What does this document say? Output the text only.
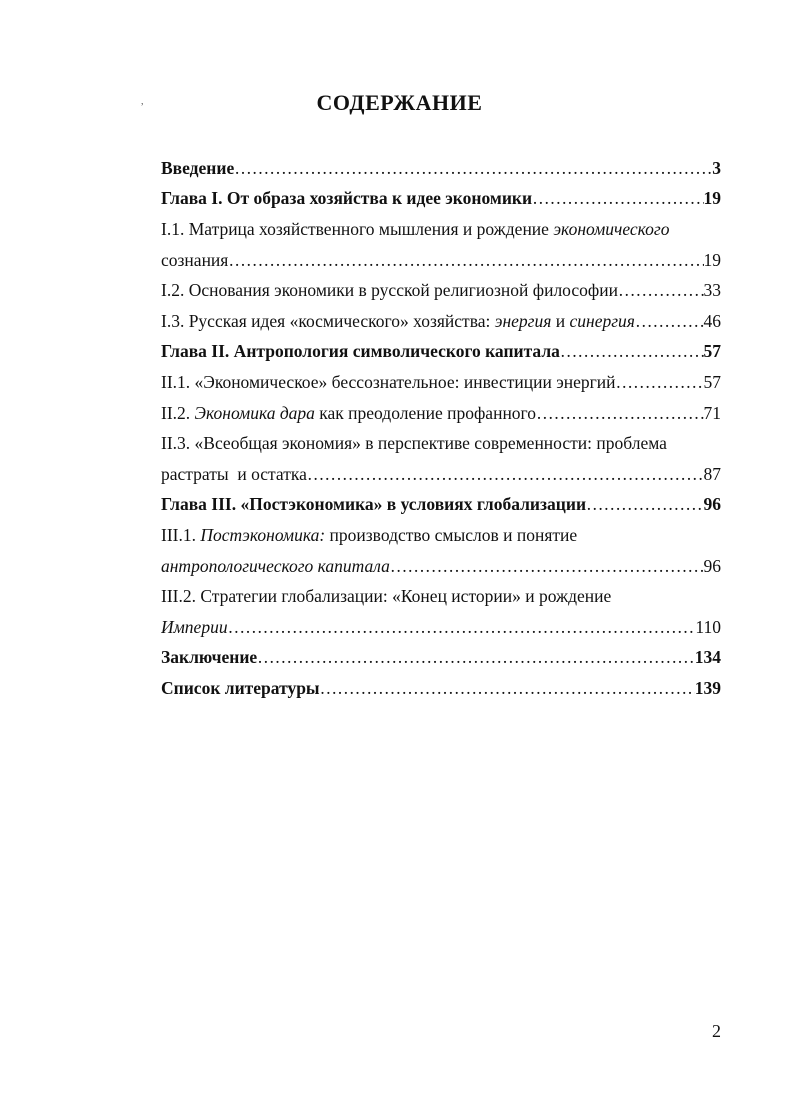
,	СОДЕРЖАНИЕ
Введение ………………………………………………………………………………………………………………………………………………	3
Глава I. От образа хозяйства к идее экономики ………………………………………………………………………………………………………………………………………………	19
I.1. Матрица хозяйственного мышления и рождение экономического
сознания ………………………………………………………………………………………………………………………………………………	19
I.2. Основания экономики в русской религиозной философии ………………………………………………………………………………………………………………………………………………	33
I.3. Русская идея «космического» хозяйства: энергия и синергия ………………………………………………………………………………………………………………………………………………	46
Глава II. Антропология символического капитала ………………………………………………………………………………………………………………………………………………	57
II.1. «Экономическое» бессознательное: инвестиции энергий ………………………………………………………………………………………………………………………………………………	57
II.2. Экономика дара как преодоление профанного ………………………………………………………………………………………………………………………………………………	71
II.3. «Всеобщая экономия» в перспективе современности: проблема
растраты  и остатка ………………………………………………………………………………………………………………………………………………	87
Глава III. «Постэкономика» в условиях глобализации ………………………………………………………………………………………………………………………………………………	96
III.1. Постэкономика: производство смыслов и понятие
антропологического капитала ………………………………………………………………………………………………………………………………………………	96
III.2. Стратегии глобализации: «Конец истории» и рождение
Империи ………………………………………………………………………………………………………………………………………………	110
Заключение ………………………………………………………………………………………………………………………………………………	134
Список литературы ………………………………………………………………………………………………………………………………………………	139
2
